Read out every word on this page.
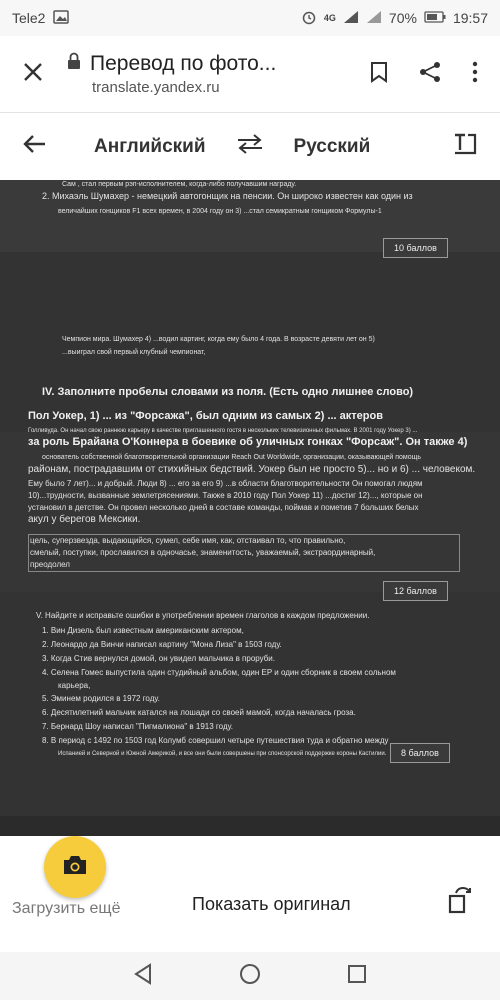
Tele2	4G	70%	19:57
Перевод по фото...
translate.yandex.ru
Английский	Русский
Сам , стал первым рэп-исполнителем, когда-либо получавшим награду.
2. Михаэль Шумахер - немецкий автогонщик на пенсии. Он широко известен как один из
величайших гонщиков F1 всех времен, в 2004 году он 3) ...стал семикратным гонщиком Формулы-1
10 баллов
Чемпион мира. Шумахер 4) ...водил картинг, когда ему было 4 года. В возрасте девяти лет он 5)
...выиграл свой первый клубный чемпионат,
IV. Заполните пробелы словами из поля. (Есть одно лишнее слово)
Пол Уокер, 1) ... из "Форсажа", был одним из самых 2) ... актеров
Голливуда. Он начал свою раннюю карьеру в качестве приглашенного гостя в нескольких телевизионных фильмах. В 2001 году Уокер 3) ...
за роль Брайана О'Коннера в боевике об уличных гонках "Форсаж". Он также 4)
основатель собственной благотворительной организации Reach Out Worldwide, организации, оказывающей помощь
районам, пострадавшим от стихийных бедствий. Уокер был не просто 5)... но и 6) ... человеком.
Ему было 7 лет)... и добрый. Люди 8) ... его за его 9) ...в области благотворительности Он помогал людям
10)...трудности, вызванные землетрясениями. Также в 2010 году Пол Уокер 11) ...достиг 12)..., которые он
установил в детстве. Он провел несколько дней в составе команды, поймав и пометив 7 больших белых
акул у берегов Мексики.
цель, суперзвезда, выдающийся, сумел, себе имя, как, отстаивал то, что правильно,
смелый, поступки, прославился в одночасье, знаменитость, уважаемый, экстраординарный,
преодолел
12 баллов
V. Найдите и исправьте ошибки в употреблении времен глаголов в каждом предложении.
1. Вин Дизель был известным американским актером,
2. Леонардо да Винчи написал картину "Мона Лиза" в 1503 году.
3. Когда Стив вернулся домой, он увидел мальчика в проруби.
4. Селена Гомес выпустила один студийный альбом, один EP и один сборник в своем сольном
карьера,
5. Эминем родился в 1972 году.
6. Десятилетний мальчик катался на лошади со своей мамой, когда началась гроза.
7. Бернард Шоу написал "Пигмалиона" в 1913 году.
8. В период с 1492 по 1503 год Колумб совершил четыре путешествия туда и обратно между
Испанией и Северной и Южной Америкой, и все они были совершены при спонсорской поддержке короны Кастилии.	8 баллов
Загрузить ещё	Показать оригинал
